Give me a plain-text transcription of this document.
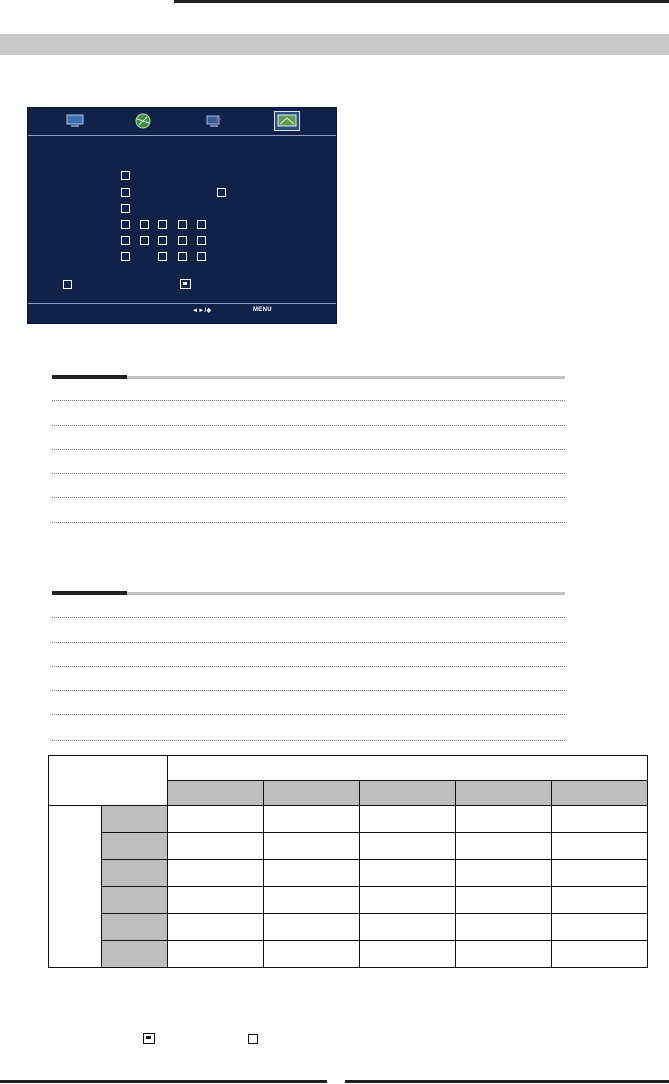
◄►/◆	MENU
